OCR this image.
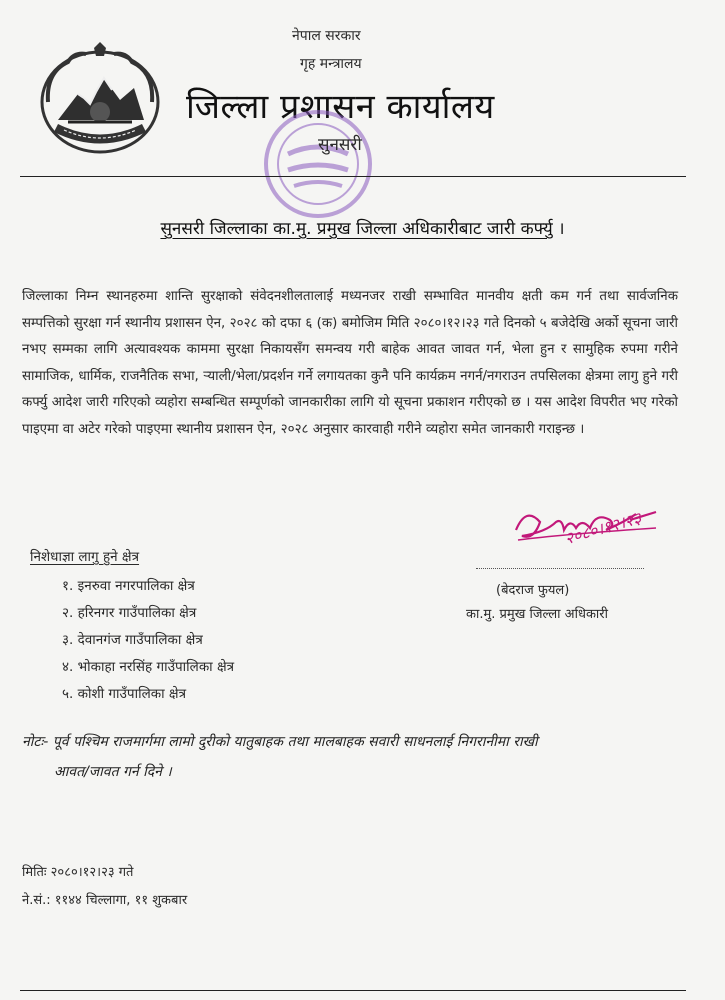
नेपाल सरकार
गृह मन्त्रालय
जिल्ला प्रशासन कार्यालय
सुनसरी
सुनसरी जिल्लाका का.मु. प्रमुख जिल्ला अधिकारीबाट जारी कर्फ्यु ।
जिल्लाका निम्न स्थानहरुमा शान्ति सुरक्षाको संवेदनशीलतालाई मध्यनजर राखी सम्भावित मानवीय क्षती कम गर्न तथा सार्वजनिक सम्पत्तिको सुरक्षा गर्न स्थानीय प्रशासन ऐन, २०२८ को दफा ६ (क) बमोजिम मिति २०८०।१२।२३ गते दिनको ५ बजेदेखि अर्को सूचना जारी नभए सम्मका लागि अत्यावश्यक काममा सुरक्षा निकायसँग समन्वय गरी बाहेक आवत जावत गर्न, भेला हुन र सामुहिक रुपमा गरीने सामाजिक, धार्मिक, राजनैतिक सभा, ऱ्याली/भेला/प्रदर्शन गर्ने लगायतका कुनै पनि कार्यक्रम नगर्न/नगराउन तपसिलका क्षेत्रमा लागु हुने गरी कर्फ्यु आदेश जारी गरिएको व्यहोरा सम्बन्धित सम्पूर्णको जानकारीका लागि यो सूचना प्रकाशन गरीएको छ । यस आदेश विपरीत भए गरेको पाइएमा वा अटेर गरेको पाइएमा स्थानीय प्रशासन ऐन, २०२८ अनुसार कारवाही गरीने व्यहोरा समेत जानकारी गराइन्छ ।
२०८०।१२।२३
(बेदराज फुयल)
का.मु. प्रमुख जिल्ला अधिकारी
निशेधाज्ञा लागु हुने क्षेत्र
१. इनरुवा नगरपालिका क्षेत्र
२. हरिनगर गाउँपालिका क्षेत्र
३. देवानगंज गाउँपालिका क्षेत्र
४. भोकाहा नरसिंह गाउँपालिका क्षेत्र
५. कोशी गाउँपालिका क्षेत्र
नोटः- पूर्व पश्चिम राजमार्गमा लामो दुरीको यातुबाहक तथा मालबाहक सवारी साधनलाई निगरानीमा राखी
आवत/जावत गर्न दिने ।
मितिः २०८०।१२।२३ गते
ने.सं.: ११४४ चिल्लागा, ११ शुकबार
